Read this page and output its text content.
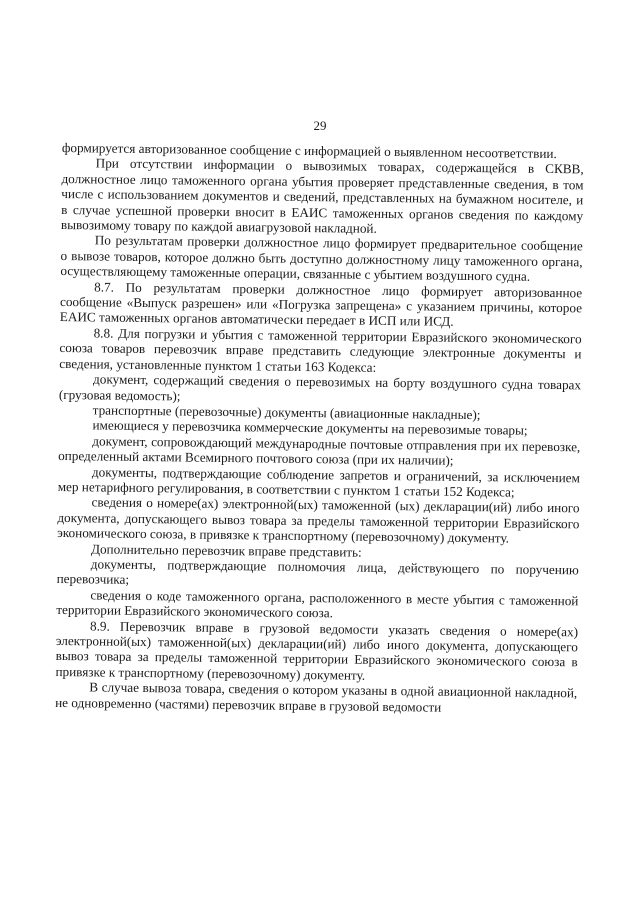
29

формируется авторизованное сообщение с информацией о выявленном несоответствии.

При отсутствии информации о вывозимых товарах, содержащейся в СКВВ, должностное лицо таможенного органа убытия проверяет представленные сведения, в том числе с использованием документов и сведений, представленных на бумажном носителе, и в случае успешной проверки вносит в ЕАИС таможенных органов сведения по каждому вывозимому товару по каждой авиагрузовой накладной.

По результатам проверки должностное лицо формирует предварительное сообщение о вывозе товаров, которое должно быть доступно должностному лицу таможенного органа, осуществляющему таможенные операции, связанные с убытием воздушного судна.

8.7. По результатам проверки должностное лицо формирует авторизованное сообщение «Выпуск разрешен» или «Погрузка запрещена» с указанием причины, которое ЕАИС таможенных органов автоматически передает в ИСП или ИСД.

8.8. Для погрузки и убытия с таможенной территории Евразийского экономического союза товаров перевозчик вправе представить следующие электронные документы и сведения, установленные пунктом 1 статьи 163 Кодекса:

документ, содержащий сведения о перевозимых на борту воздушного судна товарах (грузовая ведомость);

транспортные (перевозочные) документы (авиационные накладные);

имеющиеся у перевозчика коммерческие документы на перевозимые товары;

документ, сопровождающий международные почтовые отправления при их перевозке, определенный актами Всемирного почтового союза (при их наличии);

документы, подтверждающие соблюдение запретов и ограничений, за исключением мер нетарифного регулирования, в соответствии с пунктом 1 статьи 152 Кодекса;

сведения о номере(ах) электронной(ых) таможенной (ых) декларации(ий) либо иного документа, допускающего вывоз товара за пределы таможенной территории Евразийского экономического союза, в привязке к транспортному (перевозочному) документу.

Дополнительно перевозчик вправе представить:

документы, подтверждающие полномочия лица, действующего по поручению перевозчика;

сведения о коде таможенного органа, расположенного в месте убытия с таможенной территории Евразийского экономического союза.

8.9. Перевозчик вправе в грузовой ведомости указать сведения о номере(ах) электронной(ых) таможенной(ых) декларации(ий) либо иного документа, допускающего вывоз товара за пределы таможенной территории Евразийского экономического союза в привязке к транспортному (перевозочному) документу.

В случае вывоза товара, сведения о котором указаны в одной авиационной накладной, не одновременно (частями) перевозчик вправе в грузовой ведомости
